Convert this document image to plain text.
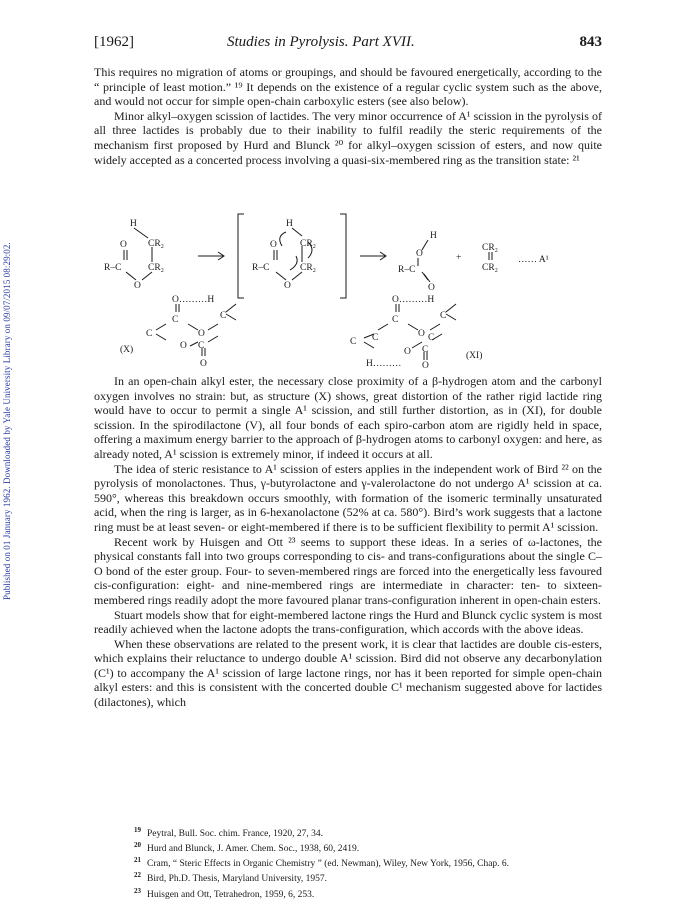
Published on 01 January 1962. Downloaded by Yale University Library on 09/07/2015 08:29:02.
[1962]	Studies in Pyrolysis. Part XVII.	843

This requires no migration of atoms or groupings, and should be favoured energetically, according to the “ principle of least motion.” ¹⁹ It depends on the existence of a regular cyclic system such as the above, and would not occur for simple open-chain carboxylic esters (see also below).

Minor alkyl–oxygen scission of lactides. The very minor occurrence of A¹ scission in the pyrolysis of all three lactides is probably due to their inability to fulfil readily the steric requirements of the mechanism first proposed by Hurd and Blunck ²⁰ for alkyl–oxygen scission of esters, and now quite widely accepted as a concerted process involving a quasi-six-membered ring as the transition state: ²¹

H
O CR₂
R–C	CR₂
O
H
O CR₂
R–C	CR₂
O
H
O
R–C
O
+
CR₂
CR₂
…… A¹
O………H
C
O
C
C
O C
O
(X)
O………H
C
O
C
C	C
O C
C
H……… O
(XI)

In an open-chain alkyl ester, the necessary close proximity of a β-hydrogen atom and the carbonyl oxygen involves no strain: but, as structure (X) shows, great distortion of the rather rigid lactide ring would have to occur to permit a single A¹ scission, and still further distortion, as in (XI), for double scission. In the spirodilactone (V), all four bonds of each spiro-carbon atom are rigidly held in space, offering a maximum energy barrier to the approach of β-hydrogen atoms to carbonyl oxygen: and here, as already noted, A¹ scission is extremely minor, if indeed it occurs at all.

The idea of steric resistance to A¹ scission of esters applies in the independent work of Bird ²² on the pyrolysis of monolactones. Thus, γ-butyrolactone and γ-valerolactone do not undergo A¹ scission at ca. 590°, whereas this breakdown occurs smoothly, with formation of the isomeric terminally unsaturated acid, when the ring is larger, as in 6-hexanolactone (52% at ca. 580°). Bird’s work suggests that a lactone ring must be at least seven- or eight-membered if there is to be sufficient flexibility to permit A¹ scission.

Recent work by Huisgen and Ott ²³ seems to support these ideas. In a series of ω-lactones, the physical constants fall into two groups corresponding to cis- and trans-configurations about the single C–O bond of the ester group. Four- to seven-membered rings are forced into the energetically less favoured cis-configuration: eight- and nine-membered rings are intermediate in character: ten- to sixteen-membered rings readily adopt the more favoured planar trans-configuration inherent in open-chain esters.

Stuart models show that for eight-membered lactone rings the Hurd and Blunck cyclic system is most readily achieved when the lactone adopts the trans-configuration, which accords with the above ideas.

When these observations are related to the present work, it is clear that lactides are double cis-esters, which explains their reluctance to undergo double A¹ scission. Bird did not observe any decarbonylation (C¹) to accompany the A¹ scission of large lactone rings, nor has it been reported for simple open-chain alkyl esters: and this is consistent with the concerted double C¹ mechanism suggested above for lactides (dilactones), which

$^{19}$ Peytral, Bull. Soc. chim. France, 1920, 27, 34.

$^{20}$ Hurd and Blunck, J. Amer. Chem. Soc., 1938, 60, 2419.

$^{21}$ Cram, “ Steric Effects in Organic Chemistry ” (ed. Newman), Wiley, New York, 1956, Chap. 6.

$^{22}$ Bird, Ph.D. Thesis, Maryland University, 1957.

$^{23}$ Huisgen and Ott, Tetrahedron, 1959, 6, 253.
